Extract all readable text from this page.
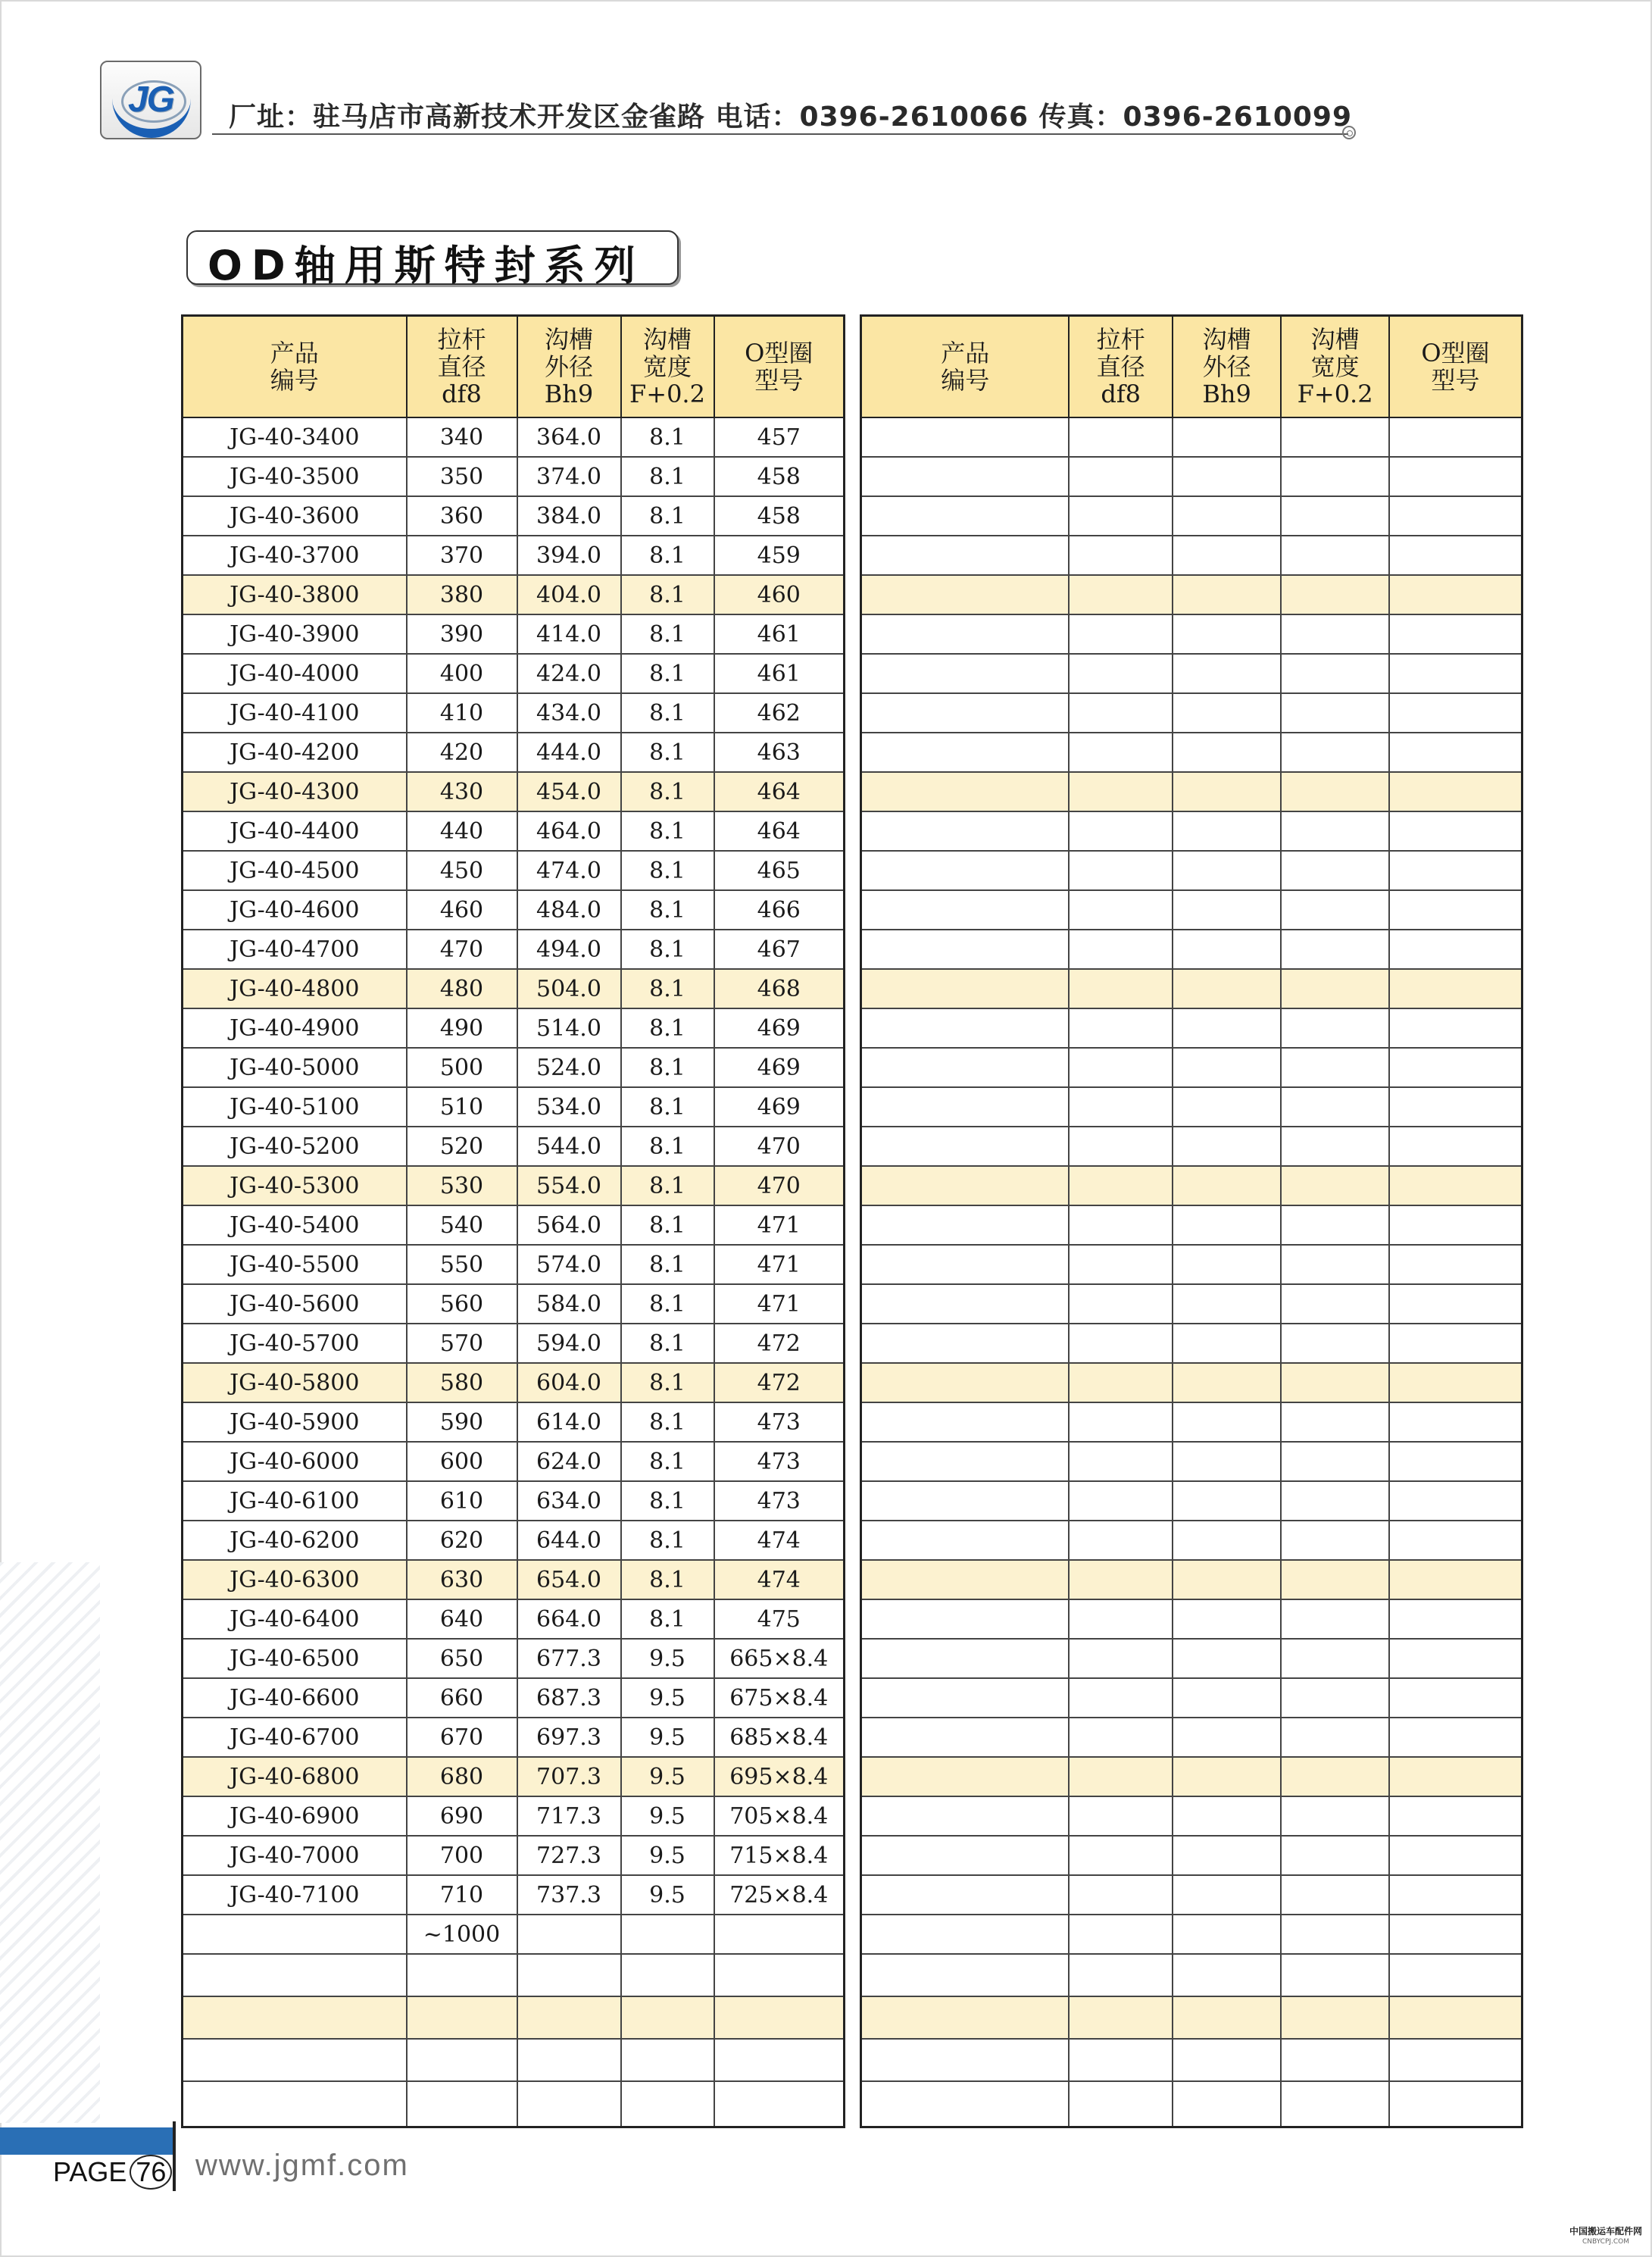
JG	厂址：驻马店市高新技术开发区金雀路 电话：0396-2610066 传真：0396-2610099
OD轴用斯特封系列
产品
编号	拉杆
直径
df8	沟槽
外径
Bh9	沟槽
宽度
F+0.2	O型圈
型号
JG-40-3400	340	364.0	8.1	457
JG-40-3500	350	374.0	8.1	458
JG-40-3600	360	384.0	8.1	458
JG-40-3700	370	394.0	8.1	459
JG-40-3800	380	404.0	8.1	460
JG-40-3900	390	414.0	8.1	461
JG-40-4000	400	424.0	8.1	461
JG-40-4100	410	434.0	8.1	462
JG-40-4200	420	444.0	8.1	463
JG-40-4300	430	454.0	8.1	464
JG-40-4400	440	464.0	8.1	464
JG-40-4500	450	474.0	8.1	465
JG-40-4600	460	484.0	8.1	466
JG-40-4700	470	494.0	8.1	467
JG-40-4800	480	504.0	8.1	468
JG-40-4900	490	514.0	8.1	469
JG-40-5000	500	524.0	8.1	469
JG-40-5100	510	534.0	8.1	469
JG-40-5200	520	544.0	8.1	470
JG-40-5300	530	554.0	8.1	470
JG-40-5400	540	564.0	8.1	471
JG-40-5500	550	574.0	8.1	471
JG-40-5600	560	584.0	8.1	471
JG-40-5700	570	594.0	8.1	472
JG-40-5800	580	604.0	8.1	472
JG-40-5900	590	614.0	8.1	473
JG-40-6000	600	624.0	8.1	473
JG-40-6100	610	634.0	8.1	473
JG-40-6200	620	644.0	8.1	474
JG-40-6300	630	654.0	8.1	474
JG-40-6400	640	664.0	8.1	475
JG-40-6500	650	677.3	9.5	665×8.4
JG-40-6600	660	687.3	9.5	675×8.4
JG-40-6700	670	697.3	9.5	685×8.4
JG-40-6800	680	707.3	9.5	695×8.4
JG-40-6900	690	717.3	9.5	705×8.4
JG-40-7000	700	727.3	9.5	715×8.4
JG-40-7100	710	737.3	9.5	725×8.4
	~1000			

产品
编号	拉杆
直径
df8	沟槽
外径
Bh9	沟槽
宽度
F+0.2	O型圈
型号

PAGE 76 www.jgmf.com
中国搬运车配件网
CNBYCPJ.COM
